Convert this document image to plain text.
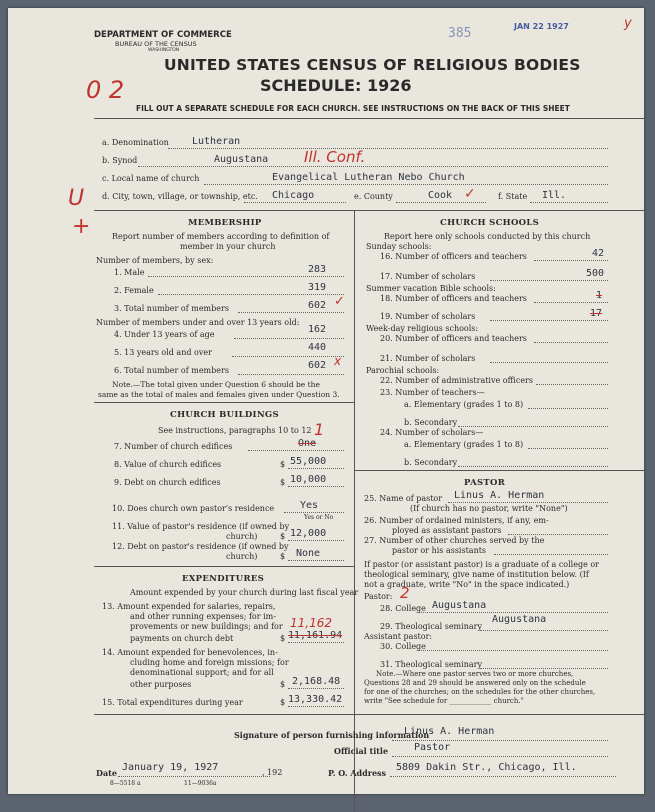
DEPARTMENT OF COMMERCE
BUREAU OF THE CENSUS
WASHINGTON
385	JAN 22 1927	y
UNITED STATES CENSUS OF RELIGIOUS BODIES
SCHEDULE: 1926
0 2
FILL OUT A SEPARATE SCHEDULE FOR EACH CHURCH. SEE INSTRUCTIONS ON THE BACK OF THIS SHEET
a. Denomination Lutheran
b. Synod	Augustana Ill. Conf.
c. Local name of church	Evangelical Lutheran Nebo Church
U
+
d. City, town, village, or township, etc. Chicago	e. County	Cook ✓	f. State Ill.
MEMBERSHIP
Report number of members according to definition of
member in your church
Number of members, by sex:
1. Male	283
2. Female	319
3. Total number of members	602 ✓
Number of members under and over 13 years old:
4. Under 13 years of age	162
5. 13 years old and over	440
6. Total number of members	602 x
Note.—The total given under Question 6 should be the
same as the total of males and females given under Question 3.
CHURCH BUILDINGS
See instructions, paragraphs 10 to 12
7. Number of church edifices	One
1
8. Value of church edifices	$ 55,000
9. Debt on church edifices	$ 10,000
10. Does church own pastor's residence	Yes
Yes or No
11. Value of pastor's residence (if owned by
church)	$ 12,000
12. Debt on pastor's residence (if owned by
church)	$ None
EXPENDITURES
Amount expended by your church during last fiscal year
13. Amount expended for salaries, repairs,
and other running expenses; for im-
provements or new buildings; and for
payments on church debt
11,162
$ 11,161.94
14. Amount expended for benevolences, in-
cluding home and foreign missions; for
denominational support; and for all
other purposes	$ 2,168.48
15. Total expenditures during year	$ 13,330.42
CHURCH SCHOOLS
Report here only schools conducted by this church
Sunday schools:
16. Number of officers and teachers	42
17. Number of scholars	500
Summer vacation Bible schools:
18. Number of officers and teachers	1
19. Number of scholars	17
Week-day religious schools:
20. Number of officers and teachers
21. Number of scholars
Parochial schools:
22. Number of administrative officers
23. Number of teachers—
a. Elementary (grades 1 to 8)
b. Secondary
24. Number of scholars—
a. Elementary (grades 1 to 8)
b. Secondary
PASTOR
25. Name of pastor Linus A. Herman
(If church has no pastor, write "None")
26. Number of ordained ministers, if any, em-
ployed as assistant pastors
27. Number of other churches served by the
pastor or his assistants
If pastor (or assistant pastor) is a graduate of a college or
theological seminary, give name of institution below. (If
not a graduate, write "No" in the space indicated.)
Pastor: 2
28. College Augustana
29. Theological seminary
Augustana
Assistant pastor:
30. College
31. Theological seminary
Note.—Where one pastor serves two or more churches,
Questions 28 and 29 should be answered only on the schedule
for one of the churches; on the schedules for the other churches,
write "See schedule for ____________ church."
Signature of person furnishing information
Linus A. Herman
Official title	Pastor
Date January 19, 1927	, 192
8—5518 a	11—9036a
P. O. Address 5809 Dakin Str., Chicago, Ill.
